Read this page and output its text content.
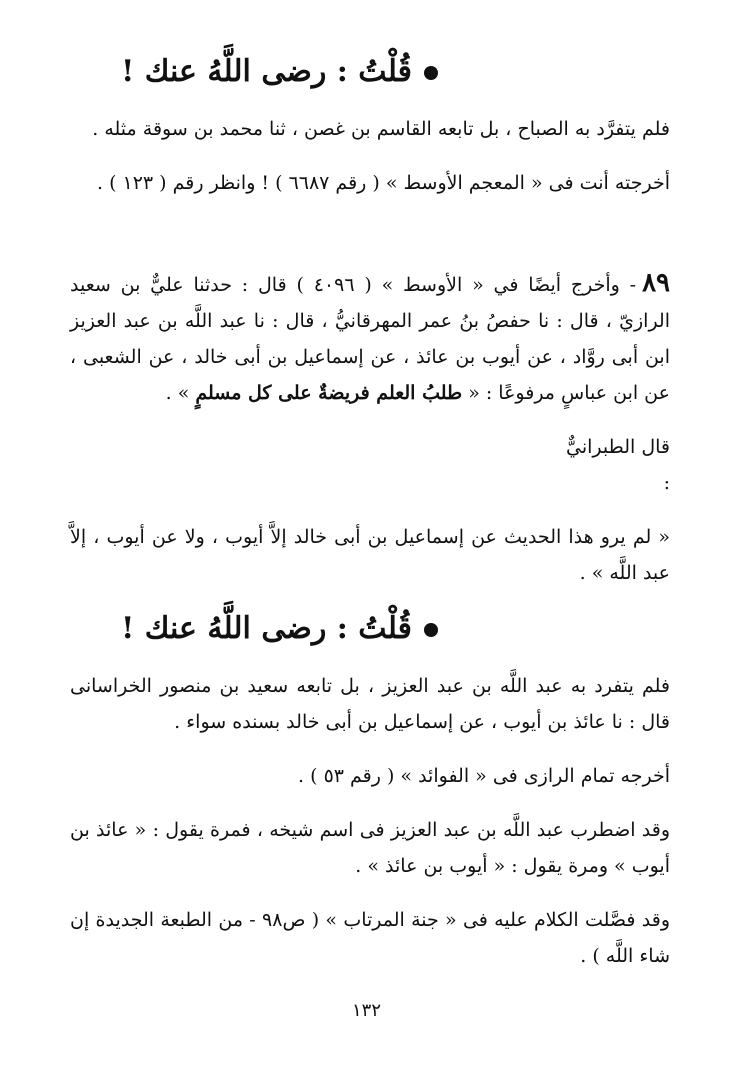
قُلْتُ : رضى اللَّهُ عنك !

فلم يتفرَّد به الصباح ، بل تابعه القاسم بن غصن ، ثنا محمد بن سوقة مثله .

أخرجته أنت فى « المعجم الأوسط » ( رقم ٦٦٨٧ ) ! وانظر رقم ( ١٢٣ ) .

٨٩- وأخرج أيضًا في « الأوسط » ( ٤٠٩٦ ) قال : حدثنا عليٌّ بن سعيد الرازيّ ، قال : نا حفصُ بنُ عمر المهرقانيُّ ، قال : نا عبد اللَّه بن عبد العزيز ابن أبى روَّاد ، عن أيوب بن عائذ ، عن إسماعيل بن أبى خالد ، عن الشعبى ، عن ابن عباسٍ مرفوعًا : « طلبُ العلم فريضةٌ على كل مسلمٍ » .

قال الطبرانيٌّ
:

« لم يرو هذا الحديث عن إسماعيل بن أبى خالد إلاَّ أيوب ، ولا عن أيوب ، إلاَّ عبد اللَّه » .

قُلْتُ : رضى اللَّهُ عنك !

فلم يتفرد به عبد اللَّه بن عبد العزيز ، بل تابعه سعيد بن منصور الخراسانى قال : نا عائذ بن أيوب ، عن إسماعيل بن أبى خالد بسنده سواء .

أخرجه تمام الرازى فى « الفوائد » ( رقم ٥٣ ) .

وقد اضطرب عبد اللَّه بن عبد العزيز فى اسم شيخه ، فمرة يقول : « عائذ بن أيوب » ومرة يقول : « أيوب بن عائذ » .

وقد فصَّلت الكلام عليه فى « جنة المرتاب » ( ص٩٨ - من الطبعة الجديدة إن شاء اللَّه ) .

١٣٢
